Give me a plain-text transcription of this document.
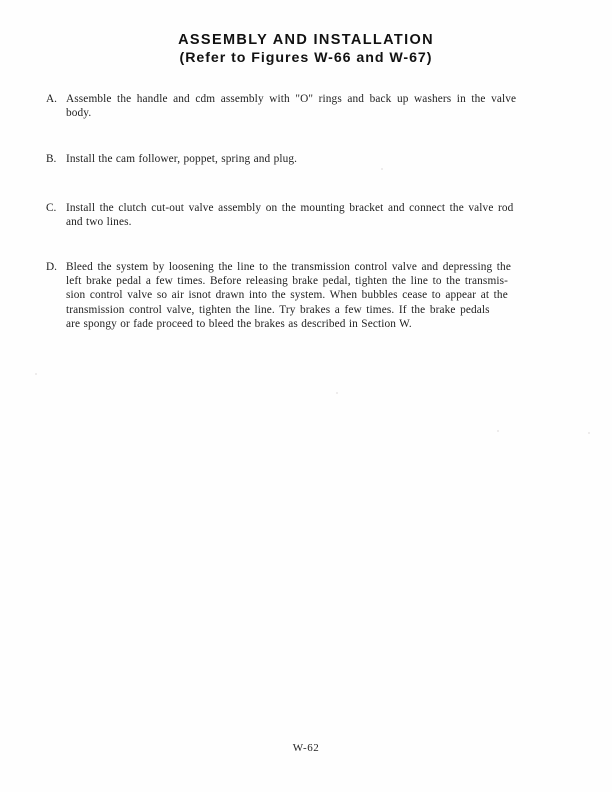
ASSEMBLY AND INSTALLATION
(Refer to Figures W-66 and W-67)
A. Assemble the handle and cdm assembly with "O" rings and back up washers in the valve
body.
B. Install the cam follower, poppet, spring and plug.
C. Install the clutch cut-out valve assembly on the mounting bracket and connect the valve rod
and two lines.
D. Bleed the system by loosening the line to the transmission control valve and depressing the
left brake pedal a few times. Before releasing brake pedal, tighten the line to the transmis-
sion control valve so air isnot drawn into the system. When bubbles cease to appear at the
transmission control valve, tighten the line. Try brakes a few times. If the brake pedals
are spongy or fade proceed to bleed the brakes as described in Section W.
W-62
